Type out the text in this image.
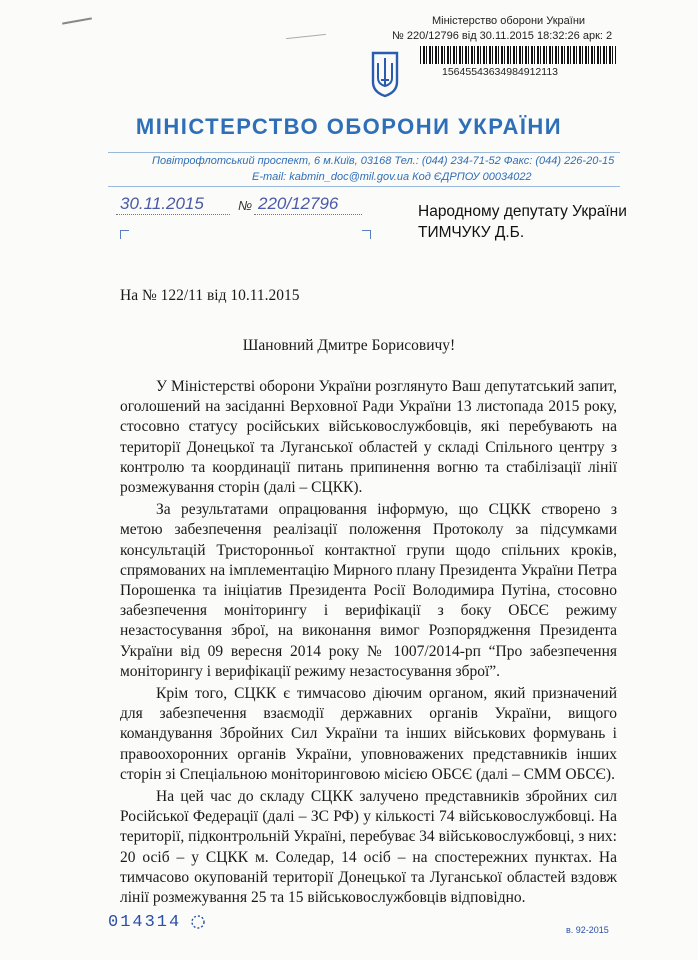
Міністерство оборони України
№ 220/12796 від 30.11.2015 18:32:26 арк: 2
15645543634984912113
МІНІСТЕРСТВО ОБОРОНИ УКРАЇНИ
Повітрофлотський проспект, 6 м.Київ, 03168 Тел.: (044) 234-71-52 Факс: (044) 226-20-15
E-mail: kabmin_doc@mil.gov.ua Код ЄДРПОУ 00034022
30.11.2015	№ 220/12796	Народному депутату України
ТИМЧУКУ Д.Б.
На № 122/11 від 10.11.2015
Шановний Дмитре Борисовичу!

У Міністерстві оборони України розглянуто Ваш депутатський запит, оголошений на засіданні Верховної Ради України 13 листопада 2015 року, стосовно статусу російських військовослужбовців, які перебувають на території Донецької та Луганської областей у складі Спільного центру з контролю та координації питань припинення вогню та стабілізації лінії розмежування сторін (далі – СЦКК).

За результатами опрацювання інформую, що СЦКК створено з метою забезпечення реалізації положення Протоколу за підсумками консультацій Тристоронньої контактної групи щодо спільних кроків, спрямованих на імплементацію Мирного плану Президента України Петра Порошенка та ініціатив Президента Росії Володимира Путіна, стосовно забезпечення моніторингу і верифікації з боку ОБСЄ режиму незастосування зброї, на виконання вимог Розпорядження Президента України від 09 вересня 2014 року № 1007/2014-рп “Про забезпечення моніторингу і верифікації режиму незастосування зброї”.

Крім того, СЦКК є тимчасово діючим органом, який призначений для забезпечення взаємодії державних органів України, вищого командування Збройних Сил України та інших військових формувань і правоохоронних органів України, уповноважених представників інших сторін зі Спеціальною моніторинговою місією ОБСЄ (далі – СММ ОБСЄ).

На цей час до складу СЦКК залучено представників збройних сил Російської Федерації (далі – ЗС РФ) у кількості 74 військовослужбовці. На території, підконтрольній Україні, перебуває 34 військовослужбовці, з них: 20 осіб – у СЦКК м. Соледар, 14 осіб – на спостережних пунктах. На тимчасово окупованій території Донецької та Луганської областей вздовж лінії розмежування 25 та 15 військовослужбовців відповідно.

014314	в. 92-2015
